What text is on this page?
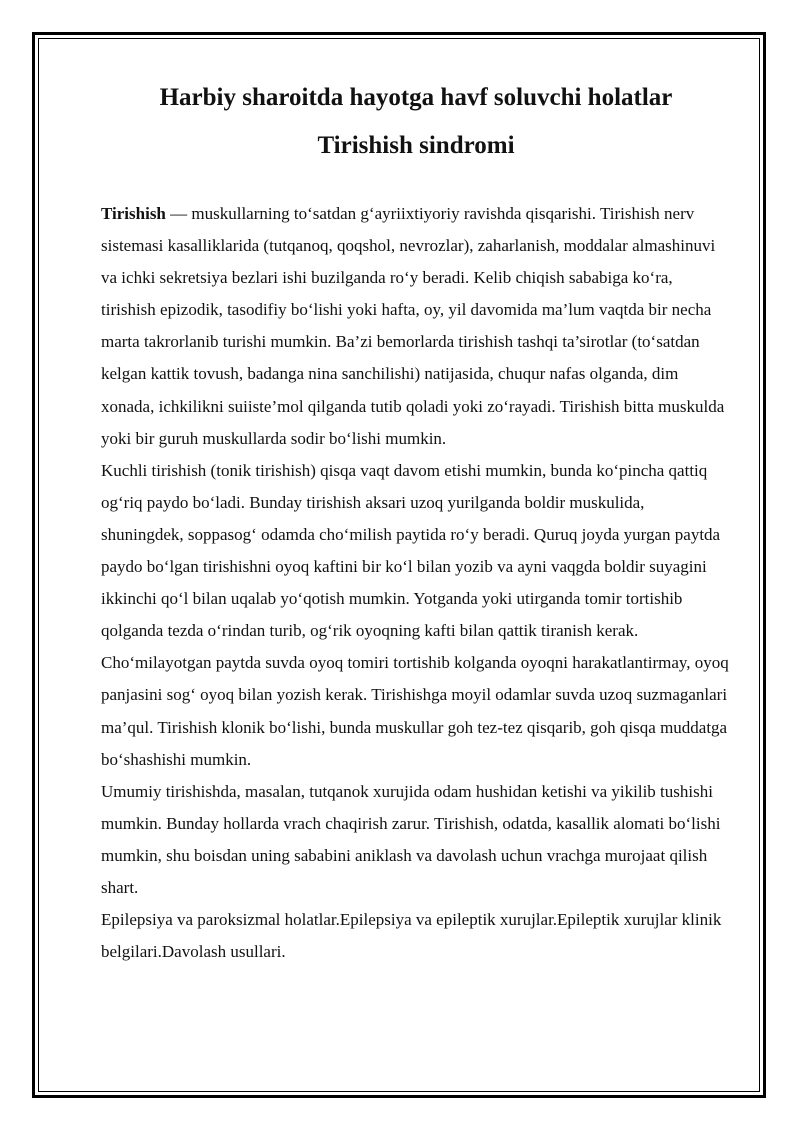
Harbiy sharoitda hayotga havf soluvchi holatlar
Tirishish sindromi

Tirishish — muskullarning to‘satdan g‘ayriixtiyoriy ravishda qisqarishi. Tirishish nerv sistemasi kasalliklarida (tutqanoq, qoqshol, nevrozlar), zaharlanish, moddalar almashinuvi va ichki sekretsiya bezlari ishi buzilganda ro‘y beradi. Kelib chiqish sababiga ko‘ra, tirishish epizodik, tasodifiy bo‘lishi yoki hafta, oy, yil davomida ma’lum vaqtda bir necha marta takrorlanib turishi mumkin. Ba’zi bemorlarda tirishish tashqi ta’sirotlar (to‘satdan kelgan kattik tovush, badanga nina sanchilishi) natijasida, chuqur nafas olganda, dim xonada, ichkilikni suiiste’mol qilganda tutib qoladi yoki zo‘rayadi. Tirishish bitta muskulda yoki bir guruh muskullarda sodir bo‘lishi mumkin.

Kuchli tirishish (tonik tirishish) qisqa vaqt davom etishi mumkin, bunda ko‘pincha qattiq og‘riq paydo bo‘ladi. Bunday tirishish aksari uzoq yurilganda boldir muskulida, shuningdek, soppasog‘ odamda cho‘milish paytida ro‘y beradi. Quruq joyda yurgan paytda paydo bo‘lgan tirishishni oyoq kaftini bir ko‘l bilan yozib va ayni vaqgda boldir suyagini ikkinchi qo‘l bilan uqalab yo‘qotish mumkin. Yotganda yoki utirganda tomir tortishib qolganda tezda o‘rindan turib, og‘rik oyoqning kafti bilan qattik tiranish kerak. Cho‘milayotgan paytda suvda oyoq tomiri tortishib kolganda oyoqni harakatlantirmay, oyoq panjasini sog‘ oyoq bilan yozish kerak. Tirishishga moyil odamlar suvda uzoq suzmaganlari ma’qul. Tirishish klonik bo‘lishi, bunda muskullar goh tez-tez qisqarib, goh qisqa muddatga bo‘shashishi mumkin.

Umumiy tirishishda, masalan, tutqanok xurujida odam hushidan ketishi va yikilib tushishi mumkin. Bunday hollarda vrach chaqirish zarur. Tirishish, odatda, kasallik alomati bo‘lishi mumkin, shu boisdan uning sababini aniklash va davolash uchun vrachga murojaat qilish shart.

Epilepsiya va paroksizmal holatlar.Epilepsiya va epileptik xurujlar.Epileptik xurujlar klinik belgilari.Davolash usullari.
